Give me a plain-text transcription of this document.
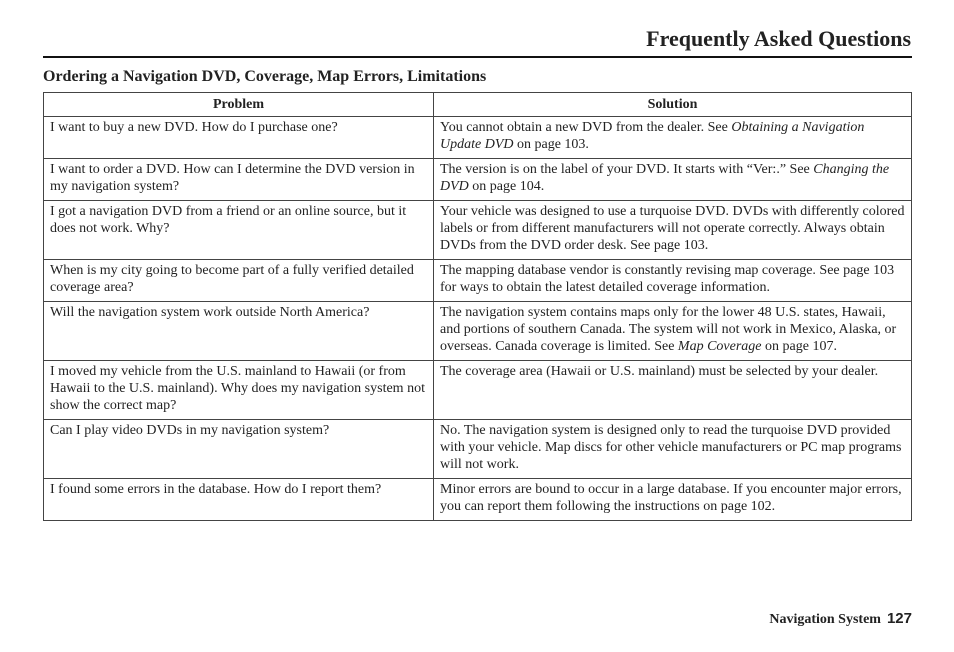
Frequently Asked Questions
Ordering a Navigation DVD, Coverage, Map Errors, Limitations
Problem	Solution
I want to buy a new DVD. How do I purchase one?	You cannot obtain a new DVD from the dealer. See Obtaining a Navigation Update DVD on page 103.
I want to order a DVD. How can I determine the DVD version in my navigation system?	The version is on the label of your DVD. It starts with “Ver:.” See Changing the DVD on page 104.
I got a navigation DVD from a friend or an online source, but it does not work. Why?	Your vehicle was designed to use a turquoise DVD. DVDs with differently colored labels or from different manufacturers will not operate correctly. Always obtain DVDs from the DVD order desk. See page 103.
When is my city going to become part of a fully verified detailed coverage area?	The mapping database vendor is constantly revising map coverage. See page 103 for ways to obtain the latest detailed coverage information.
Will the navigation system work outside North America?	The navigation system contains maps only for the lower 48 U.S. states, Hawaii, and portions of southern Canada. The system will not work in Mexico, Alaska, or overseas. Canada coverage is limited. See Map Coverage on page 107.
I moved my vehicle from the U.S. mainland to Hawaii (or from Hawaii to the U.S. mainland). Why does my navigation system not show the correct map?	The coverage area (Hawaii or U.S. mainland) must be selected by your dealer.
Can I play video DVDs in my navigation system?	No. The navigation system is designed only to read the turquoise DVD provided with your vehicle. Map discs for other vehicle manufacturers or PC map programs will not work.
I found some errors in the database. How do I report them?	Minor errors are bound to occur in a large database. If you encounter major errors, you can report them following the instructions on page 102.
Navigation System 127
